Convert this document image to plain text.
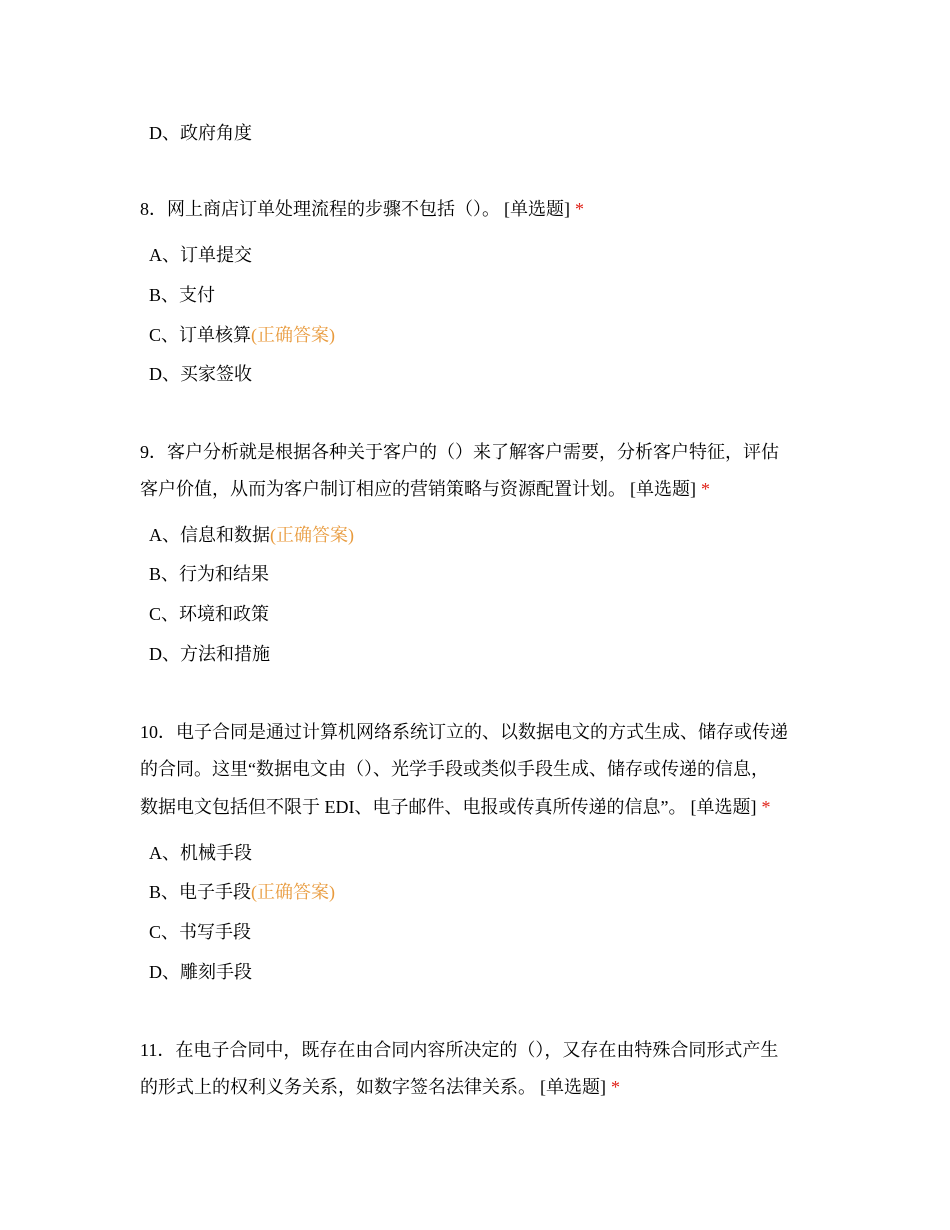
D、政府角度
8．网上商店订单处理流程的步骤不包括（）。 [单选题] *
A、订单提交
B、支付
C、订单核算(正确答案)
D、买家签收
9．客户分析就是根据各种关于客户的（）来了解客户需要，分析客户特征，评估
客户价值，从而为客户制订相应的营销策略与资源配置计划。 [单选题] *
A、信息和数据(正确答案)
B、行为和结果
C、环境和政策
D、方法和措施
10．电子合同是通过计算机网络系统订立的、以数据电文的方式生成、储存或传递
的合同。这里“数据电文由（）、光学手段或类似手段生成、储存或传递的信息，
数据电文包括但不限于 EDI、电子邮件、电报或传真所传递的信息”。 [单选题] *
A、机械手段
B、电子手段(正确答案)
C、书写手段
D、雕刻手段
11．在电子合同中，既存在由合同内容所决定的（），又存在由特殊合同形式产生
的形式上的权利义务关系，如数字签名法律关系。 [单选题] *
